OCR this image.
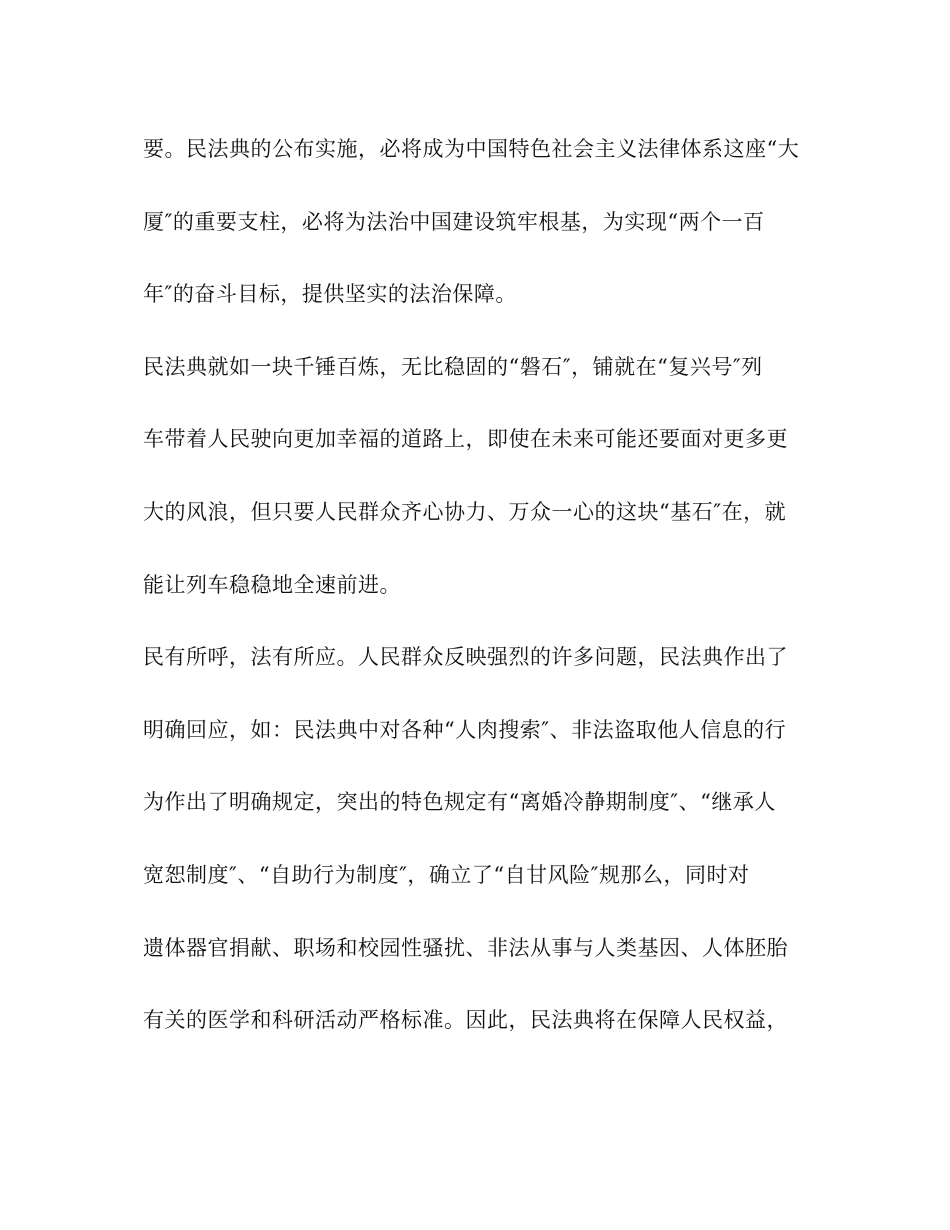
要。民法典的公布实施，必将成为中国特色社会主义法律体系这座“大
厦″的重要支柱，必将为法治中国建设筑牢根基，为实现“两个一百
年″的奋斗目标，提供坚实的法治保障。
民法典就如一块千锤百炼，无比稳固的“磐石″，铺就在“复兴号″列
车带着人民驶向更加幸福的道路上，即使在未来可能还要面对更多更
大的风浪，但只要人民群众齐心协力、万众一心的这块“基石″在，就
能让列车稳稳地全速前进。
民有所呼，法有所应。人民群众反映强烈的许多问题，民法典作出了
明确回应，如：民法典中对各种“人肉搜索″、非法盗取他人信息的行
为作出了明确规定，突出的特色规定有“离婚冷静期制度″、“继承人
宽恕制度″、“自助行为制度″，确立了“自甘风险″规那么，同时对
遗体器官捐献、职场和校园性骚扰、非法从事与人类基因、人体胚胎
有关的医学和科研活动严格标准。因此，民法典将在保障人民权益，
